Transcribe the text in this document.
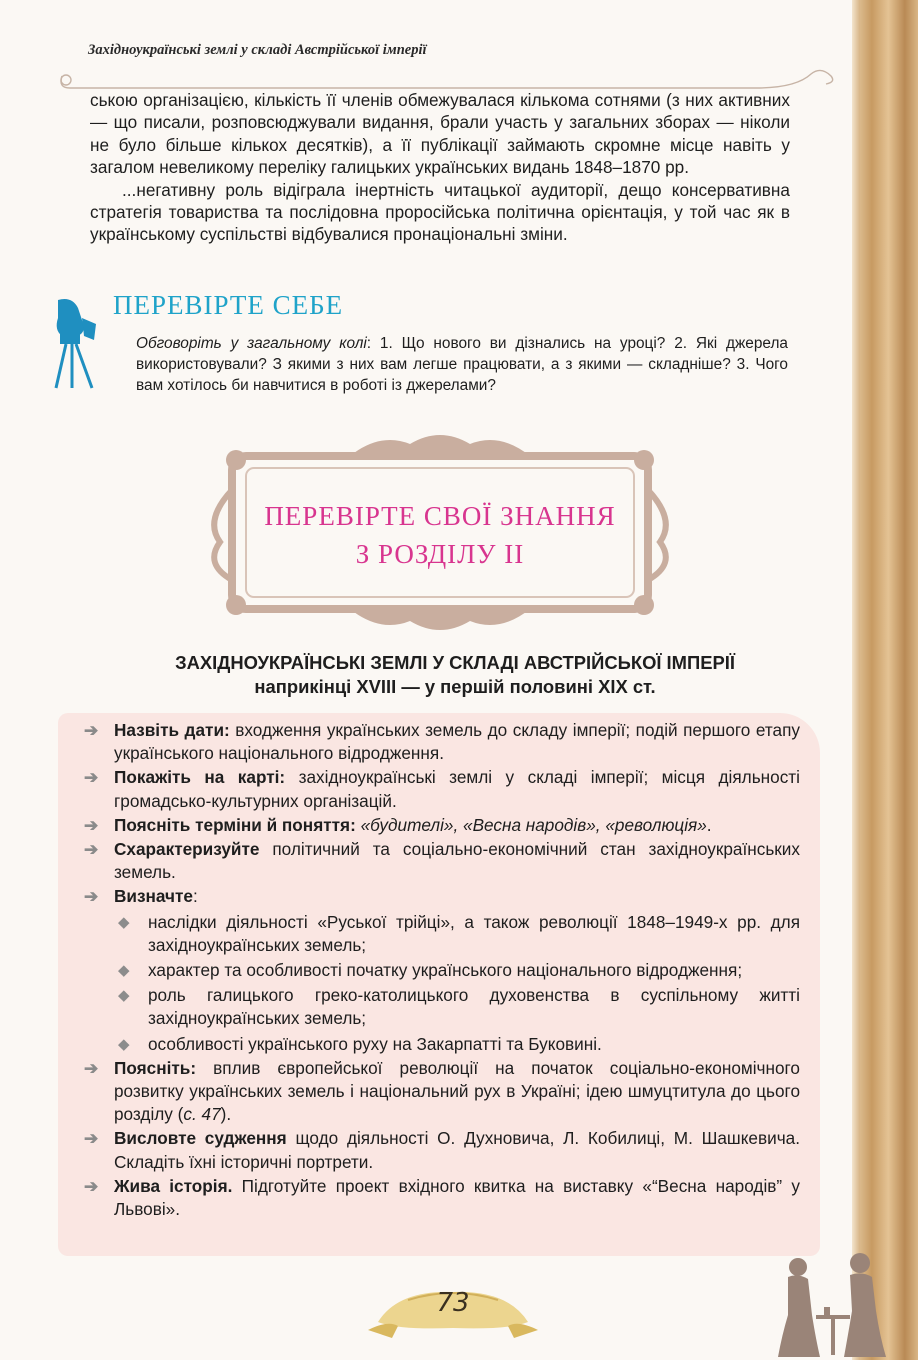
Західноукраїнські землі у складі Австрійської імперії

ською організацією, кількість її членів обмежувалася кількома сотнями (з них активних — що писали, розповсюджували видання, брали участь у загальних зборах — ніколи не було більше кількох десятків), а її публікації займають скромне місце навіть у загалом невеликому переліку галицьких українських видань 1848–1870 рр.

...негативну роль відіграла інертність читацької аудиторії, дещо консервативна стратегія товариства та послідовна проросійська політична орієнтація, у той час як в українському суспільстві відбувалися пронаціональні зміни.

ПЕРЕВІРТЕ СЕБЕ
Обговоріть у загальному колі: 1. Що нового ви дізнались на уроці? 2. Які джерела використовували? З якими з них вам легше працювати, а з якими — складніше? 3. Чого вам хотілось би навчитися в роботі із джерелами?
ПЕРЕВІРТЕ СВОЇ ЗНАННЯ
З РОЗДІЛУ ІІ
ЗАХІДНОУКРАЇНСЬКІ ЗЕМЛІ У СКЛАДІ АВСТРІЙСЬКОЇ ІМПЕРІЇ
наприкінці XVIII — у першій половині XIX ст.
➔ Назвіть дати: входження українських земель до складу імперії; подій першого етапу українського національного відродження.
➔ Покажіть на карті: західноукраїнські землі у складі імперії; місця діяльності громадсько-культурних організацій.
➔ Поясніть терміни й поняття: «будителі», «Весна народів», «революція».
➔ Схарактеризуйте політичний та соціально-економічний стан західноукраїнських земель.
➔ Визначте:
◆ наслідки діяльності «Руської трійці», а також революції 1848–1949-х рр. для західноукраїнських земель;
◆ характер та особливості початку українського національного відродження;
◆ роль галицького греко-католицького духовенства в суспільному житті західноукраїнських земель;
◆ особливості українського руху на Закарпатті та Буковині.
➔ Поясніть: вплив європейської революції на початок соціально-економічного розвитку українських земель і національний рух в Україні; ідею шмуцтитула до цього розділу (с. 47).
➔ Висловте судження щодо діяльності О. Духновича, Л. Кобилиці, М. Шашкевича. Складіть їхні історичні портрети.
➔ Жива історія. Підготуйте проект вхідного квитка на виставку «“Весна народів” у Львові».
73
